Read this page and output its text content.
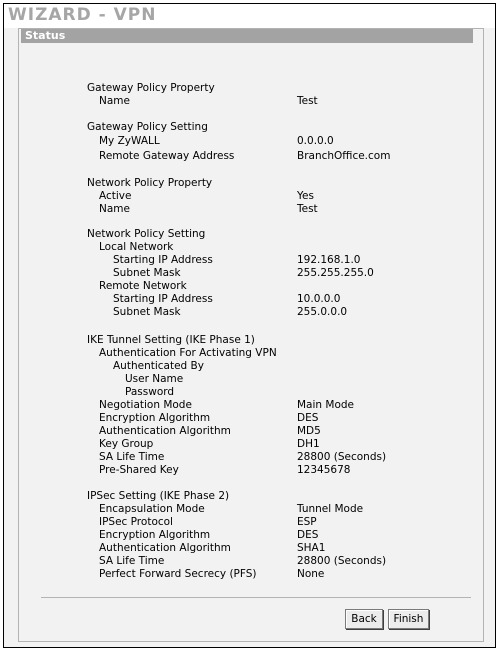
WIZARD - VPN
Status
Gateway Policy Property
Name	Test
Gateway Policy Setting
My ZyWALL	0.0.0.0
Remote Gateway Address	BranchOffice.com
Network Policy Property
Active	Yes
Name	Test
Network Policy Setting
Local Network
Starting IP Address	192.168.1.0
Subnet Mask	255.255.255.0
Remote Network
Starting IP Address	10.0.0.0
Subnet Mask	255.0.0.0
IKE Tunnel Setting (IKE Phase 1)
Authentication For Activating VPN
Authenticated By
User Name
Password
Negotiation Mode	Main Mode
Encryption Algorithm	DES
Authentication Algorithm	MD5
Key Group	DH1
SA Life Time	28800 (Seconds)
Pre-Shared Key	12345678
IPSec Setting (IKE Phase 2)
Encapsulation Mode	Tunnel Mode
IPSec Protocol	ESP
Encryption Algorithm	DES
Authentication Algorithm	SHA1
SA Life Time	28800 (Seconds)
Perfect Forward Secrecy (PFS)	None
Back	Finish
